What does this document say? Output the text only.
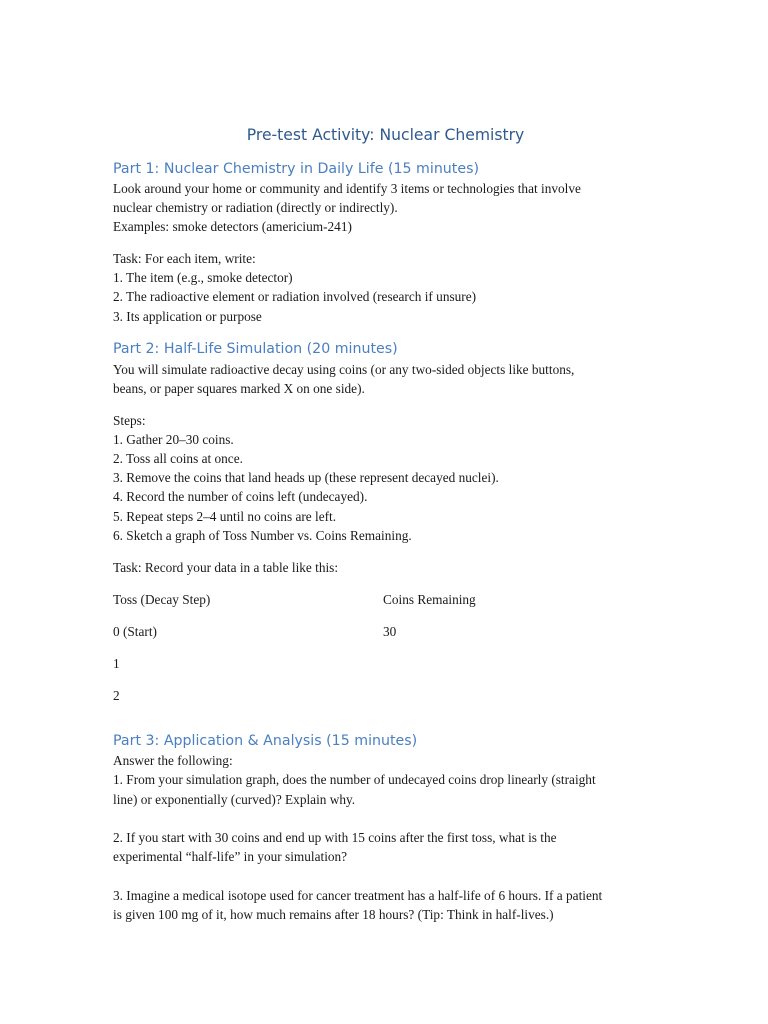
Pre-test Activity: Nuclear Chemistry
Part 1: Nuclear Chemistry in Daily Life (15 minutes)
Look around your home or community and identify 3 items or technologies that involve
nuclear chemistry or radiation (directly or indirectly).
Examples: smoke detectors (americium-241)
Task: For each item, write:
1. The item (e.g., smoke detector)
2. The radioactive element or radiation involved (research if unsure)
3. Its application or purpose
Part 2: Half-Life Simulation (20 minutes)
You will simulate radioactive decay using coins (or any two-sided objects like buttons,
beans, or paper squares marked X on one side).
Steps:
1. Gather 20–30 coins.
2. Toss all coins at once.
3. Remove the coins that land heads up (these represent decayed nuclei).
4. Record the number of coins left (undecayed).
5. Repeat steps 2–4 until no coins are left.
6. Sketch a graph of Toss Number vs. Coins Remaining.
Task: Record your data in a table like this:
Toss (Decay Step)	Coins Remaining
0 (Start)	30
1
2
Part 3: Application & Analysis (15 minutes)
Answer the following:
1. From your simulation graph, does the number of undecayed coins drop linearly (straight
line) or exponentially (curved)? Explain why.
2. If you start with 30 coins and end up with 15 coins after the first toss, what is the
experimental “half-life” in your simulation?
3. Imagine a medical isotope used for cancer treatment has a half-life of 6 hours. If a patient
is given 100 mg of it, how much remains after 18 hours? (Tip: Think in half-lives.)
